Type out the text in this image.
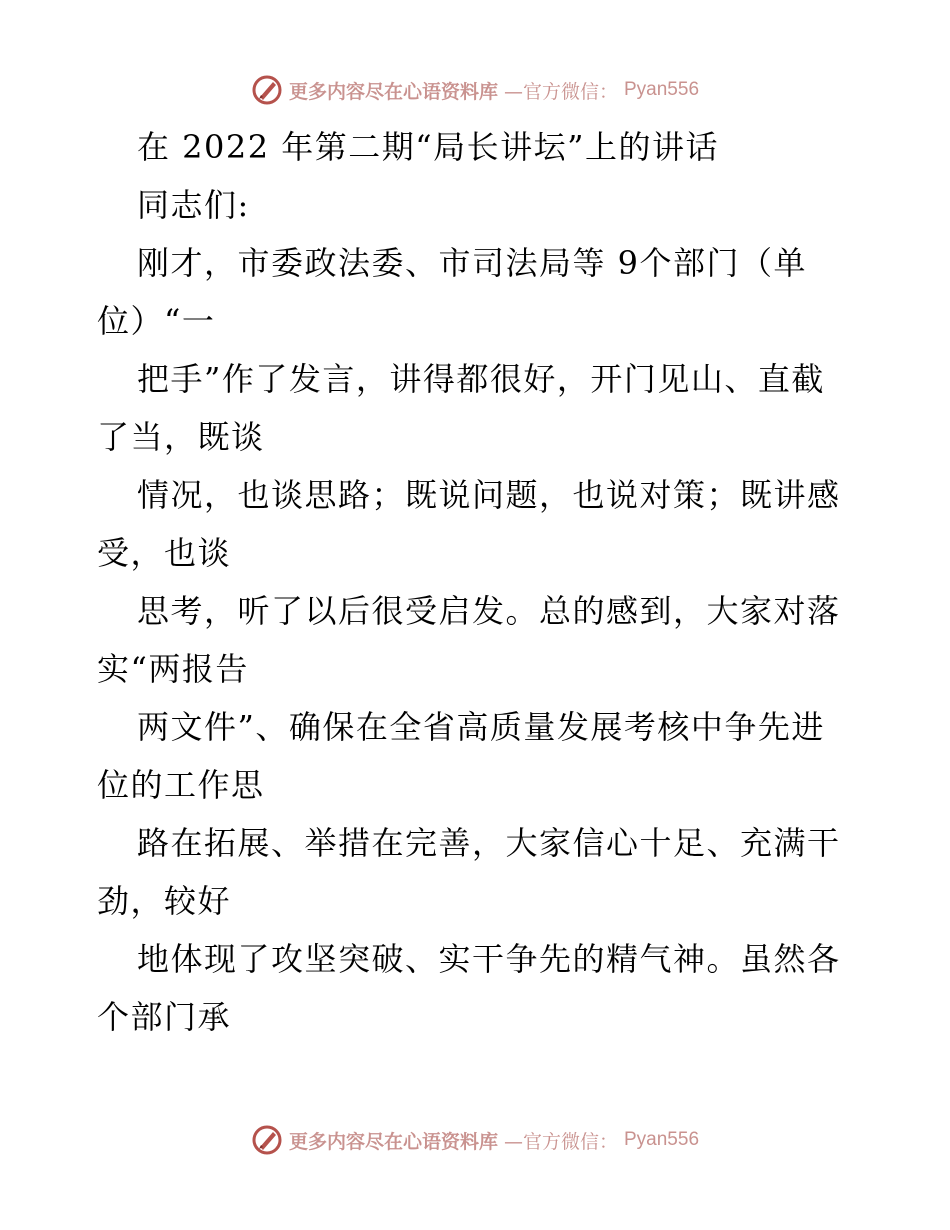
更多内容尽在心语资料库 —官方微信： Pyan556
在 2022 年第二期“局长讲坛”上的讲话
同志们:
刚才，市委政法委、市司法局等 9个部门（单
位）“一
把手”作了发言，讲得都很好，开门见山、直截
了当，既谈
情况，也谈思路；既说问题，也说对策；既讲感
受，也谈
思考，听了以后很受启发。总的感到，大家对落
实“两报告
两文件”、确保在全省高质量发展考核中争先进
位的工作思
路在拓展、举措在完善，大家信心十足、充满干
劲，较好
地体现了攻坚突破、实干争先的精气神。虽然各
个部门承
更多内容尽在心语资料库 —官方微信： Pyan556
